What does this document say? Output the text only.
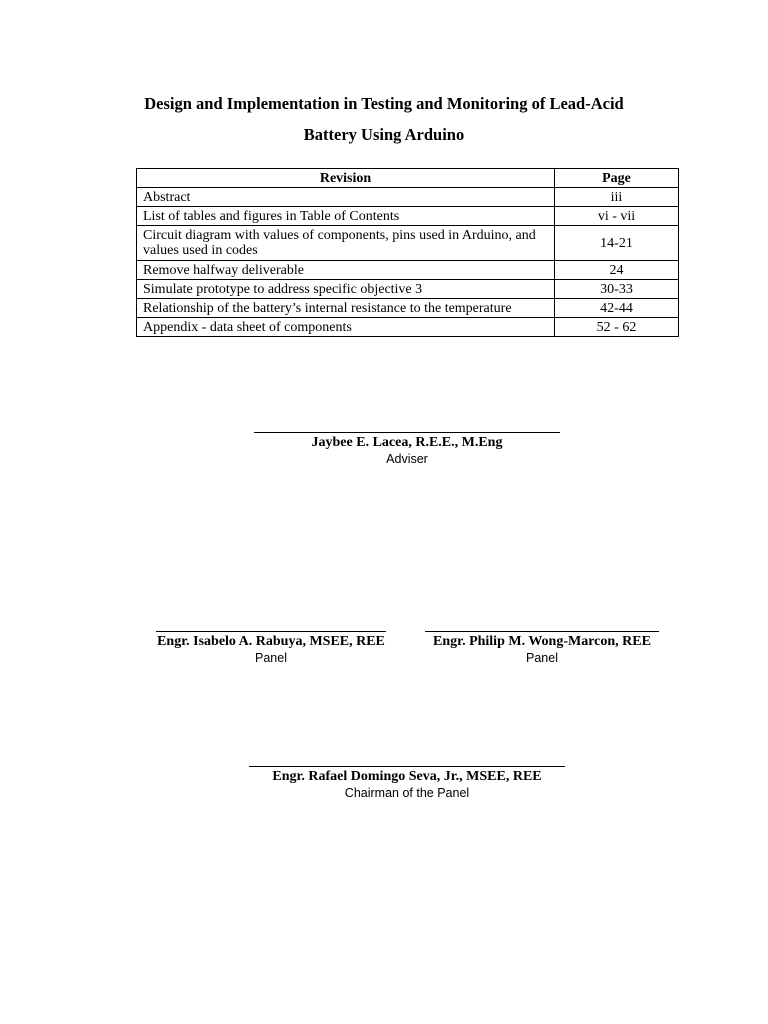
Design and Implementation in Testing and Monitoring of Lead-Acid
Battery Using Arduino
Revision	Page
Abstract	iii
List of tables and figures in Table of Contents	vi - vii
Circuit diagram with values of components, pins used in Arduino, and values used in codes	14-21
Remove halfway deliverable	24
Simulate prototype to address specific objective 3	30-33
Relationship of the battery’s internal resistance to the temperature	42-44
Appendix - data sheet of components	52 - 62
Jaybee E. Lacea, R.E.E., M.Eng
Adviser
Engr. Isabelo A. Rabuya, MSEE, REE
Panel
Engr. Philip M. Wong-Marcon, REE
Panel
Engr. Rafael Domingo Seva, Jr., MSEE, REE
Chairman of the Panel
